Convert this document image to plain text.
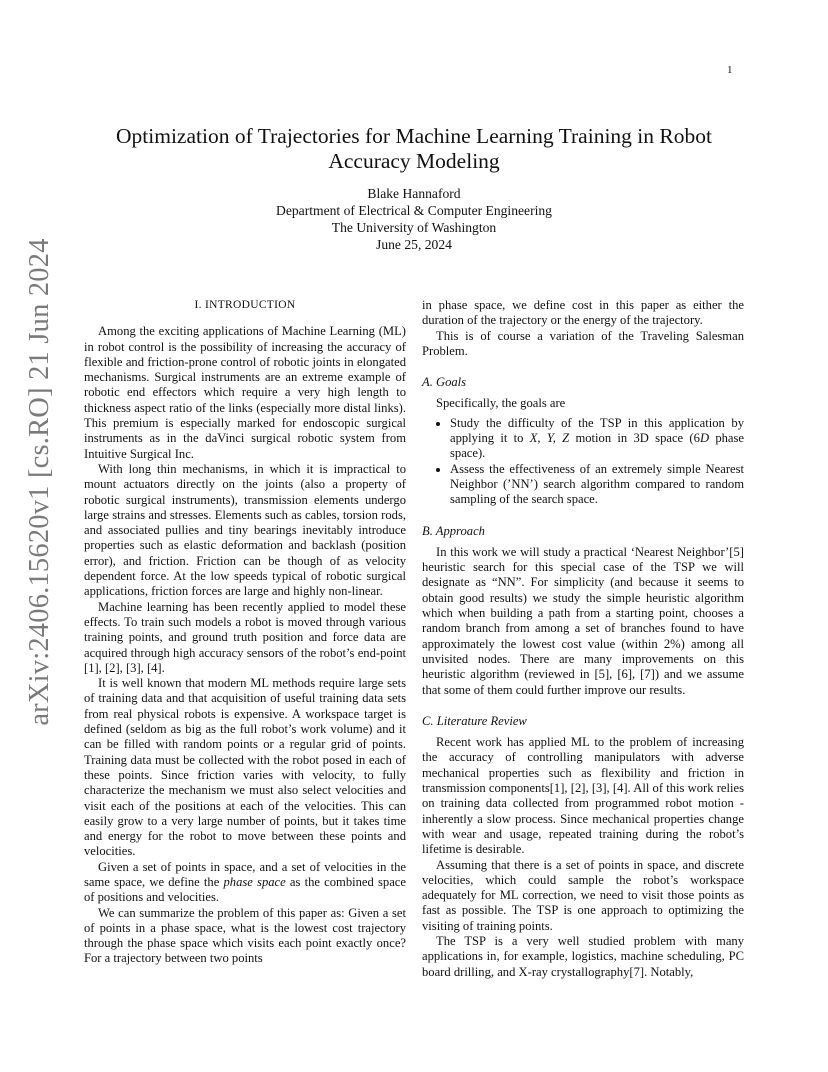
1
arXiv:2406.15620v1 [cs.RO] 21 Jun 2024
Optimization of Trajectories for Machine Learning Training in Robot Accuracy Modeling
Blake Hannaford
Department of Electrical & Computer Engineering
The University of Washington
June 25, 2024
I. INTRODUCTION

Among the exciting applications of Machine Learning (ML) in robot control is the possibility of increasing the accuracy of flexible and friction-prone control of robotic joints in elongated mechanisms. Surgical instruments are an extreme example of robotic end effectors which require a very high length to thickness aspect ratio of the links (especially more distal links). This premium is especially marked for endoscopic surgical instruments as in the daVinci surgical robotic system from Intuitive Surgical Inc.

With long thin mechanisms, in which it is impractical to mount actuators directly on the joints (also a property of robotic surgical instruments), transmission elements undergo large strains and stresses. Elements such as cables, torsion rods, and associated pullies and tiny bearings inevitably introduce properties such as elastic deformation and backlash (position error), and friction. Friction can be though of as velocity dependent force. At the low speeds typical of robotic surgical applications, friction forces are large and highly non-linear.

Machine learning has been recently applied to model these effects. To train such models a robot is moved through various training points, and ground truth position and force data are acquired through high accuracy sensors of the robot’s end-point [1], [2], [3], [4].

It is well known that modern ML methods require large sets of training data and that acquisition of useful training data sets from real physical robots is expensive. A workspace target is defined (seldom as big as the full robot’s work volume) and it can be filled with random points or a regular grid of points. Training data must be collected with the robot posed in each of these points. Since friction varies with velocity, to fully characterize the mechanism we must also select velocities and visit each of the positions at each of the velocities. This can easily grow to a very large number of points, but it takes time and energy for the robot to move between these points and velocities.

Given a set of points in space, and a set of velocities in the same space, we define the phase space as the combined space of positions and velocities.

We can summarize the problem of this paper as: Given a set of points in a phase space, what is the lowest cost trajectory through the phase space which visits each point exactly once? For a trajectory between two points

in phase space, we define cost in this paper as either the duration of the trajectory or the energy of the trajectory.

This is of course a variation of the Traveling Salesman Problem.

A. Goals

Specifically, the goals are

• Study the difficulty of the TSP in this application by applying it to X, Y, Z motion in 3D space (6D phase space).
• Assess the effectiveness of an extremely simple Nearest Neighbor (’NN’) search algorithm compared to random sampling of the search space.
B. Approach

In this work we will study a practical ‘Nearest Neighbor’[5] heuristic search for this special case of the TSP we will designate as “NN”. For simplicity (and because it seems to obtain good results) we study the simple heuristic algorithm which when building a path from a starting point, chooses a random branch from among a set of branches found to have approximately the lowest cost value (within 2%) among all unvisited nodes. There are many improvements on this heuristic algorithm (reviewed in [5], [6], [7]) and we assume that some of them could further improve our results.

C. Literature Review

Recent work has applied ML to the problem of increasing the accuracy of controlling manipulators with adverse mechanical properties such as flexibility and friction in transmission components[1], [2], [3], [4]. All of this work relies on training data collected from programmed robot motion - inherently a slow process. Since mechanical properties change with wear and usage, repeated training during the robot’s lifetime is desirable.

Assuming that there is a set of points in space, and discrete velocities, which could sample the robot’s workspace adequately for ML correction, we need to visit those points as fast as possible. The TSP is one approach to optimizing the visiting of training points.

The TSP is a very well studied problem with many applications in, for example, logistics, machine scheduling, PC board drilling, and X-ray crystallography[7]. Notably,
